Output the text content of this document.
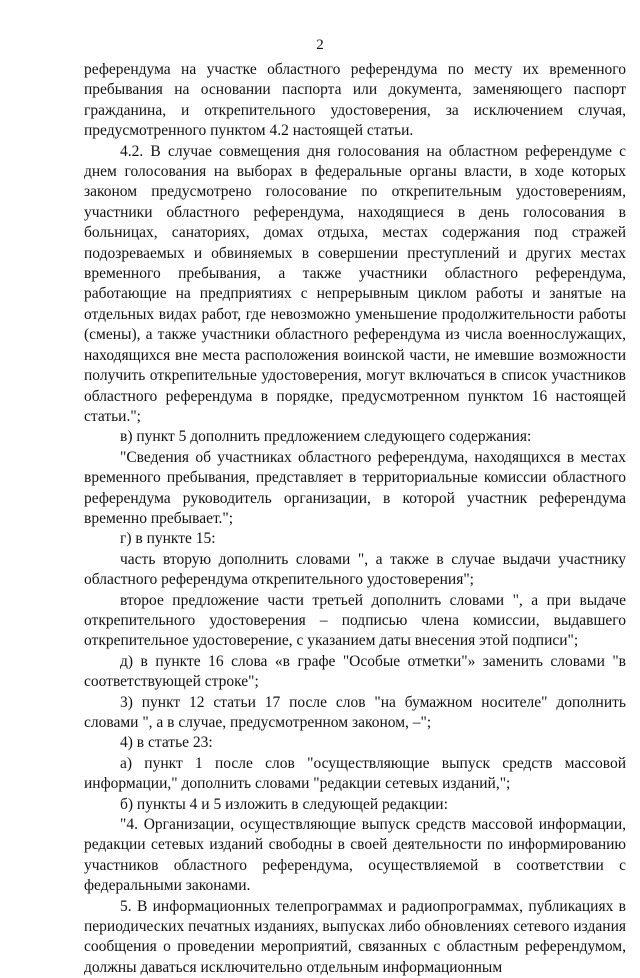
2

референдума на участке областного референдума по месту их временного пребывания на основании паспорта или документа, заменяющего паспорт гражданина, и открепительного удостоверения, за исключением случая, предусмотренного пунктом 4.2 настоящей статьи.

4.2. В случае совмещения дня голосования на областном референдуме с днем голосования на выборах в федеральные органы власти, в ходе которых законом предусмотрено голосование по открепительным удостоверениям, участники областного референдума, находящиеся в день голосования в больницах, санаториях, домах отдыха, местах содержания под стражей подозреваемых и обвиняемых в совершении преступлений и других местах временного пребывания, а также участники областного референдума, работающие на предприятиях с непрерывным циклом работы и занятые на отдельных видах работ, где невозможно уменьшение продолжительности работы (смены), а также участники областного референдума из числа военнослужащих, находящихся вне места расположения воинской части, не имевшие возможности получить открепительные удостоверения, могут включаться в список участников областного референдума в порядке, предусмотренном пунктом 16 настоящей статьи.";

в) пункт 5 дополнить предложением следующего содержания:

"Сведения об участниках областного референдума, находящихся в местах временного пребывания, представляет в территориальные комиссии областного референдума руководитель организации, в которой участник референдума временно пребывает.";

г) в пункте 15:

часть вторую дополнить словами ", а также в случае выдачи участнику областного референдума открепительного удостоверения";

второе предложение части третьей дополнить словами ", а при выдаче открепительного удостоверения – подписью члена комиссии, выдавшего открепительное удостоверение, с указанием даты внесения этой подписи";

д) в пункте 16 слова «в графе "Особые отметки"» заменить словами "в соответствующей строке";

3) пункт 12 статьи 17 после слов "на бумажном носителе" дополнить словами ", а в случае, предусмотренном законом, –";

4) в статье 23:

а) пункт 1 после слов "осуществляющие выпуск средств массовой информации," дополнить словами "редакции сетевых изданий,";

б) пункты 4 и 5 изложить в следующей редакции:

"4. Организации, осуществляющие выпуск средств массовой информации, редакции сетевых изданий свободны в своей деятельности по информированию участников областного референдума, осуществляемой в соответствии с федеральными законами.

5. В информационных телепрограммах и радиопрограммах, публикациях в периодических печатных изданиях, выпусках либо обновлениях сетевого издания сообщения о проведении мероприятий, связанных с областным референдумом, должны даваться исключительно отдельным информационным
